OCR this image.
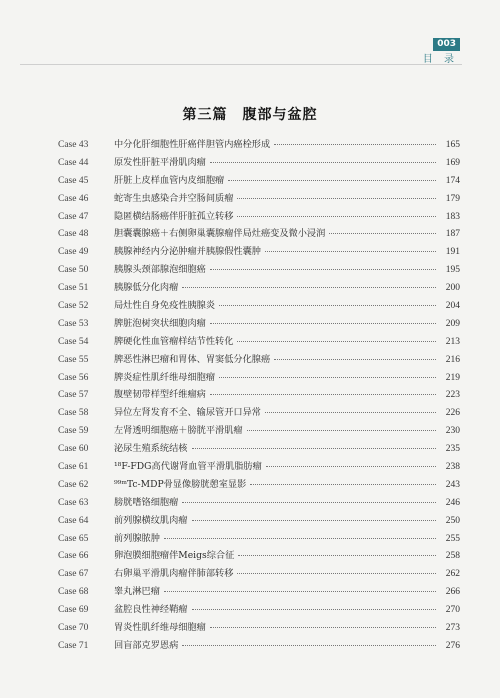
目 录
003
第三篇　腹部与盆腔
Case 43	中分化肝细胞性肝癌伴胆管内癌栓形成	165
Case 44	原发性肝脏平滑肌肉瘤	169
Case 45	肝脏上皮样血管内皮细胞瘤	174
Case 46	蛇寄生虫感染合并空肠间质瘤	179
Case 47	隐匿横结肠癌伴肝脏孤立转移	183
Case 48	胆囊囊腺癌＋右侧卵巢囊腺瘤伴局灶癌变及微小浸润	187
Case 49	胰腺神经内分泌肿瘤并胰腺假性囊肿	191
Case 50	胰腺头颈部腺泡细胞癌	195
Case 51	胰腺低分化肉瘤	200
Case 52	局灶性自身免疫性胰腺炎	204
Case 53	脾脏泡树突状细胞肉瘤	209
Case 54	脾硬化性血管瘤样结节性转化	213
Case 55	脾恶性淋巴瘤和胃体、胃窦低分化腺癌	216
Case 56	脾炎症性肌纤维母细胞瘤	219
Case 57	腹壁韧带样型纤维瘤病	223
Case 58	异位左肾发育不全、输尿管开口异常	226
Case 59	左肾透明细胞癌＋膀胱平滑肌瘤	230
Case 60	泌尿生殖系统结核	235
Case 61	¹⁸F-FDG高代谢肾血管平滑肌脂肪瘤	238
Case 62	⁹⁹ᵐTc-MDP骨显像膀胱憩室显影	243
Case 63	膀胱嗜铬细胞瘤	246
Case 64	前列腺横纹肌肉瘤	250
Case 65	前列腺脓肿	255
Case 66	卵泡膜细胞瘤伴Meigs综合征	258
Case 67	右卵巢平滑肌肉瘤伴肺部转移	262
Case 68	睾丸淋巴瘤	266
Case 69	盆腔良性神经鞘瘤	270
Case 70	胃炎性肌纤维母细胞瘤	273
Case 71	回盲部克罗恩病	276
